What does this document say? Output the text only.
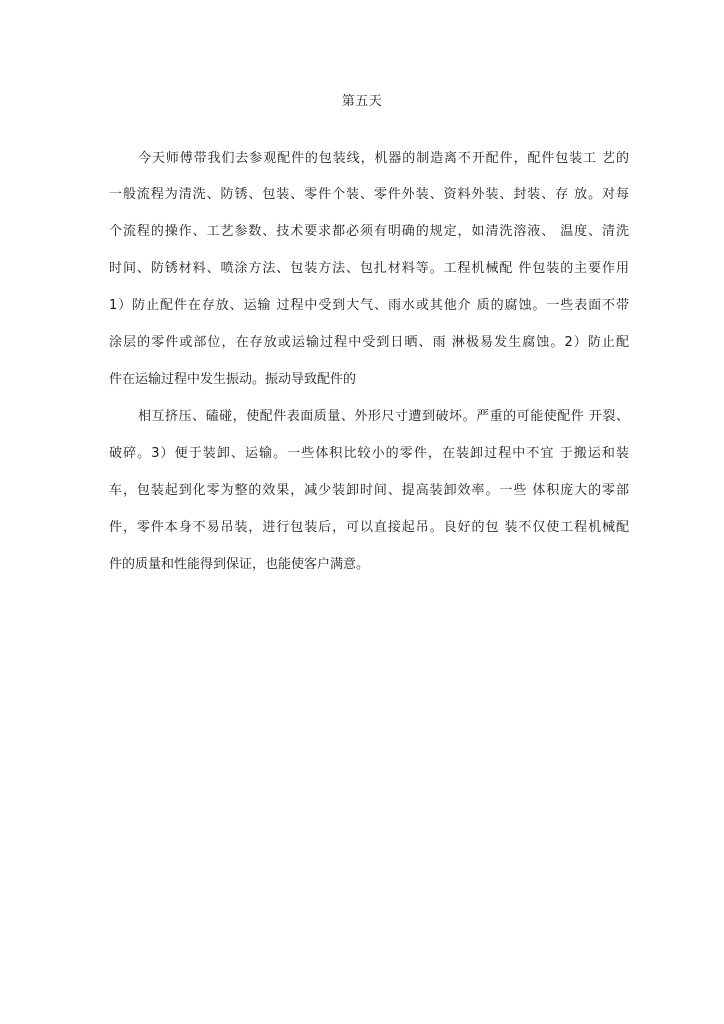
第五天
今天师傅带我们去参观配件的包装线，机器的制造离不开配件，配件包装工 艺的
一般流程为清洗、防锈、包装、零件个装、零件外装、资料外装、封装、存 放。对每
个流程的操作、工艺参数、技术要求都必须有明确的规定，如清洗溶液、 温度、清洗
时间、防锈材料、喷涂方法、包装方法、包扎材料等。工程机械配 件包装的主要作用
1）防止配件在存放、运输 过程中受到大气、雨水或其他介 质的腐蚀。一些表面不带
涂层的零件或部位，在存放或运输过程中受到日晒、雨 淋极易发生腐蚀。2）防止配
件在运输过程中发生振动。振动导致配件的
相互挤压、磕碰，使配件表面质量、外形尺寸遭到破坏。严重的可能使配件 开裂、
破碎。3）便于装卸、运输。一些体积比较小的零件，在装卸过程中不宜 于搬运和装
车，包装起到化零为整的效果，减少装卸时间、提高装卸效率。一些 体积庞大的零部
件，零件本身不易吊装，进行包装后，可以直接起吊。良好的包 装不仅使工程机械配
件的质量和性能得到保证，也能使客户满意。
